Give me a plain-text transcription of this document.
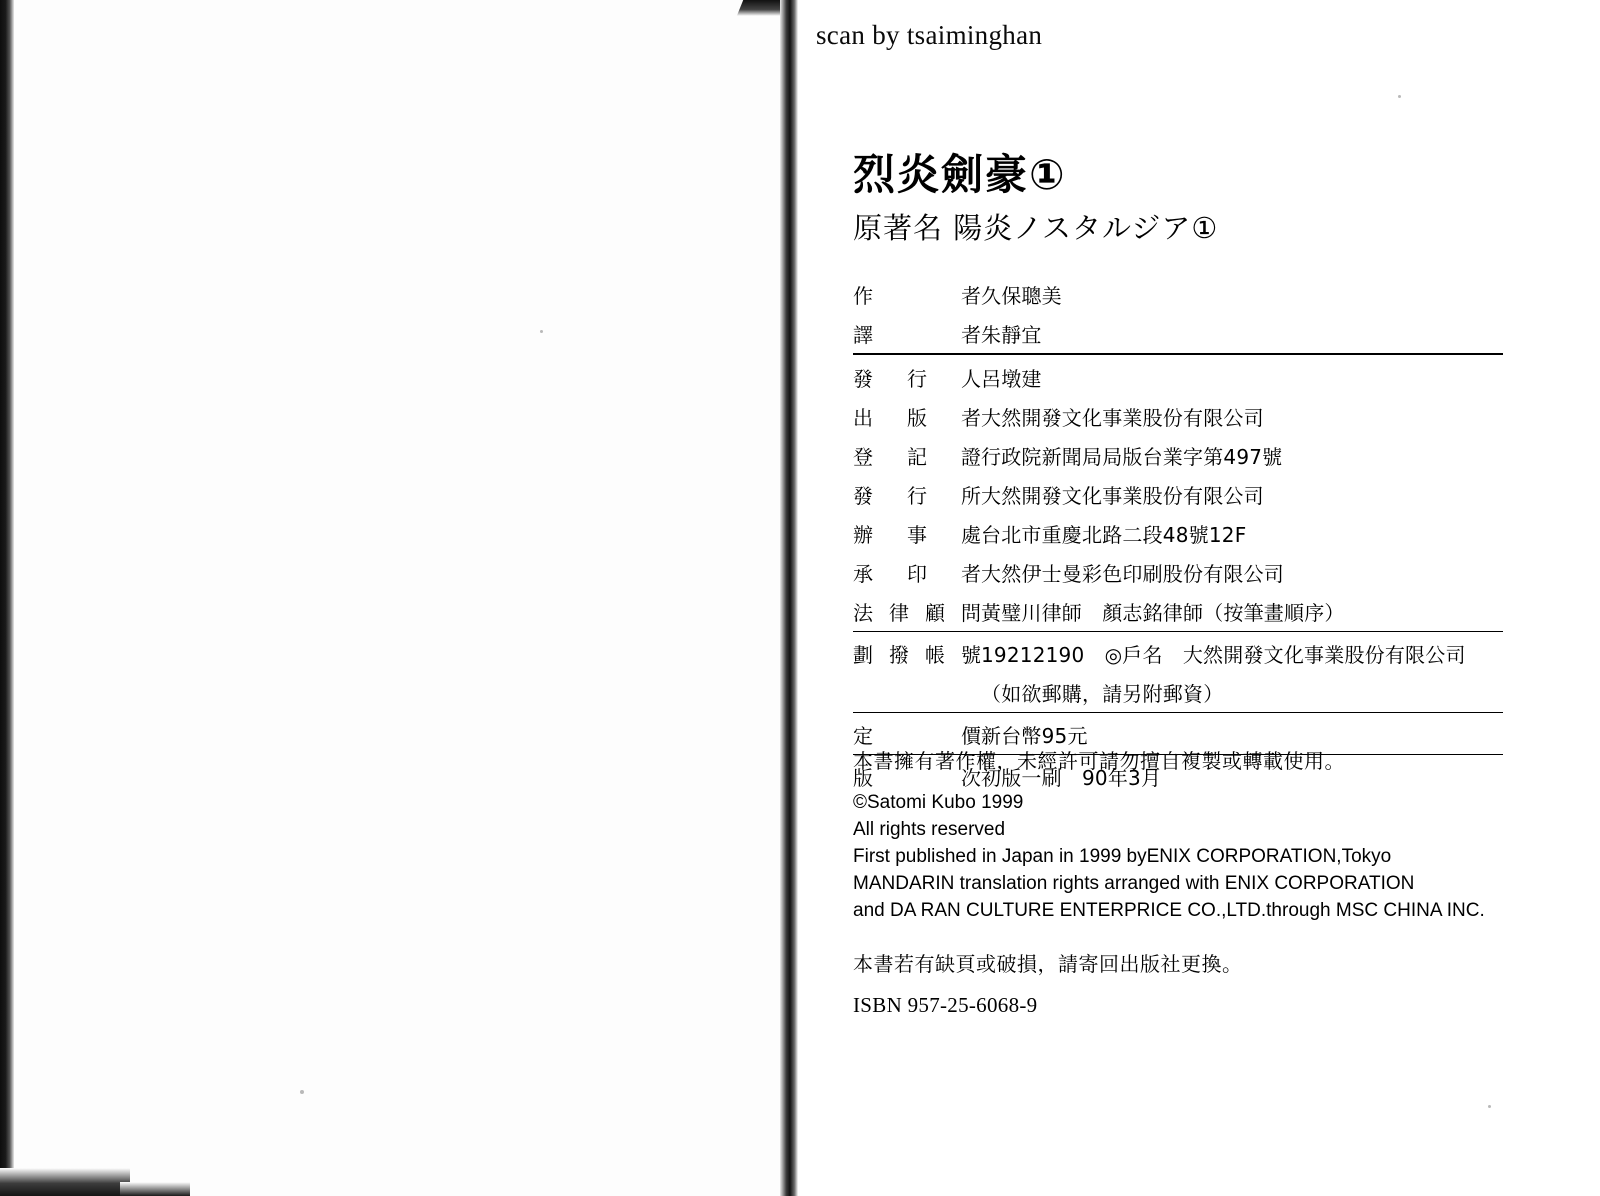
scan by tsaiminghan
烈炎劍豪①
原著名 陽炎ノスタルジア①
作　者	久保聰美
譯　者	朱靜宜
發 行 人	呂墩建
出 版 者	大然開發文化事業股份有限公司
登 記 證	行政院新聞局局版台業字第497號
發 行 所	大然開發文化事業股份有限公司
辦 事 處	台北市重慶北路二段48號12F
承 印 者	大然伊士曼彩色印刷股份有限公司
法律顧問	黃璧川律師　顏志銘律師（按筆畫順序）
劃撥帳號	19212190　◎戶名　大然開發文化事業股份有限公司
	（如欲郵購，請另附郵資）
定　價	新台幣95元
版　次	初版一刷　90年3月
本書擁有著作權，未經許可請勿擅自複製或轉載使用。
©Satomi Kubo 1999
All rights reserved
First published in Japan in 1999 byENIX CORPORATION,Tokyo
MANDARIN translation rights arranged with ENIX CORPORATION
and DA RAN CULTURE ENTERPRICE CO.,LTD.through MSC CHINA INC.
本書若有缺頁或破損，請寄回出版社更換。
ISBN 957-25-6068-9
